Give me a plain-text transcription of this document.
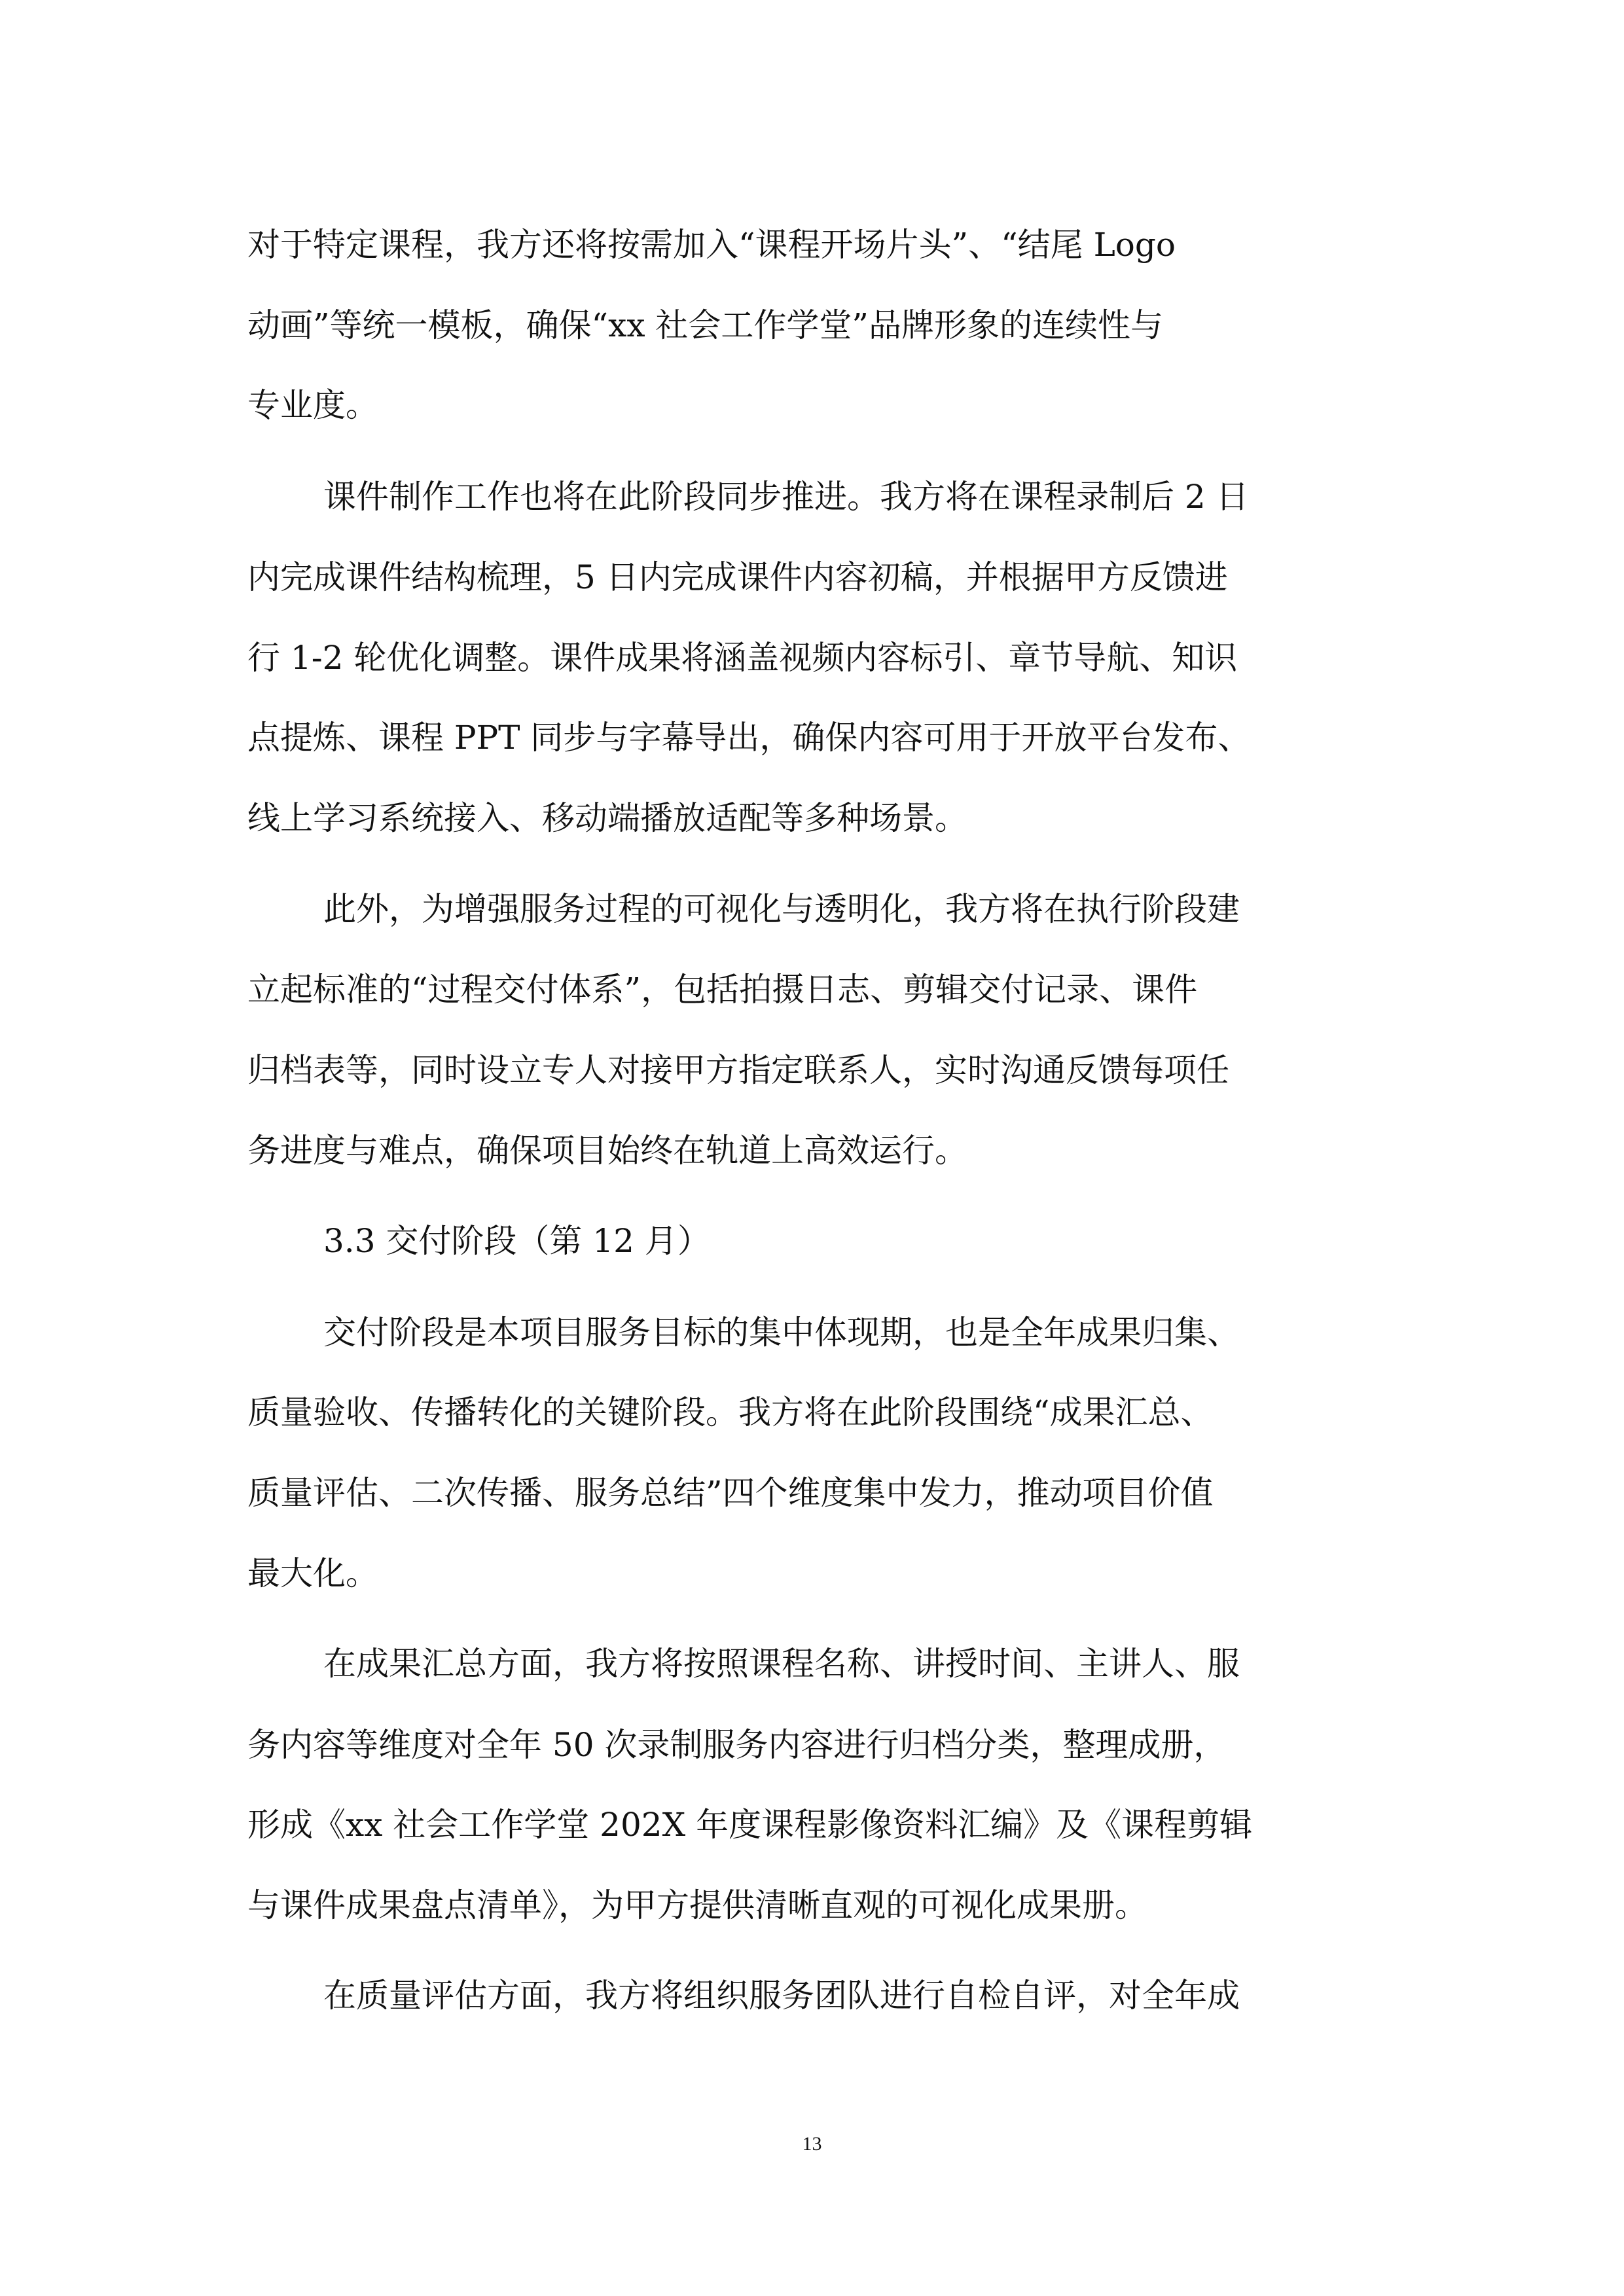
对于特定课程，我方还将按需加入“课程开场片头”、“结尾 Logo
动画”等统一模板，确保“xx 社会工作学堂”品牌形象的连续性与
专业度。
课件制作工作也将在此阶段同步推进。我方将在课程录制后 2 日
内完成课件结构梳理，5 日内完成课件内容初稿，并根据甲方反馈进
行 1-2 轮优化调整。课件成果将涵盖视频内容标引、章节导航、知识
点提炼、课程 PPT 同步与字幕导出，确保内容可用于开放平台发布、
线上学习系统接入、移动端播放适配等多种场景。
此外，为增强服务过程的可视化与透明化，我方将在执行阶段建
立起标准的“过程交付体系”，包括拍摄日志、剪辑交付记录、课件
归档表等，同时设立专人对接甲方指定联系人，实时沟通反馈每项任
务进度与难点，确保项目始终在轨道上高效运行。
3.3 交付阶段（第 12 月）
交付阶段是本项目服务目标的集中体现期，也是全年成果归集、
质量验收、传播转化的关键阶段。我方将在此阶段围绕“成果汇总、
质量评估、二次传播、服务总结”四个维度集中发力，推动项目价值
最大化。
在成果汇总方面，我方将按照课程名称、讲授时间、主讲人、服
务内容等维度对全年 50 次录制服务内容进行归档分类，整理成册，
形成《xx 社会工作学堂 202X 年度课程影像资料汇编》及《课程剪辑
与课件成果盘点清单》，为甲方提供清晰直观的可视化成果册。
在质量评估方面，我方将组织服务团队进行自检自评，对全年成
13
